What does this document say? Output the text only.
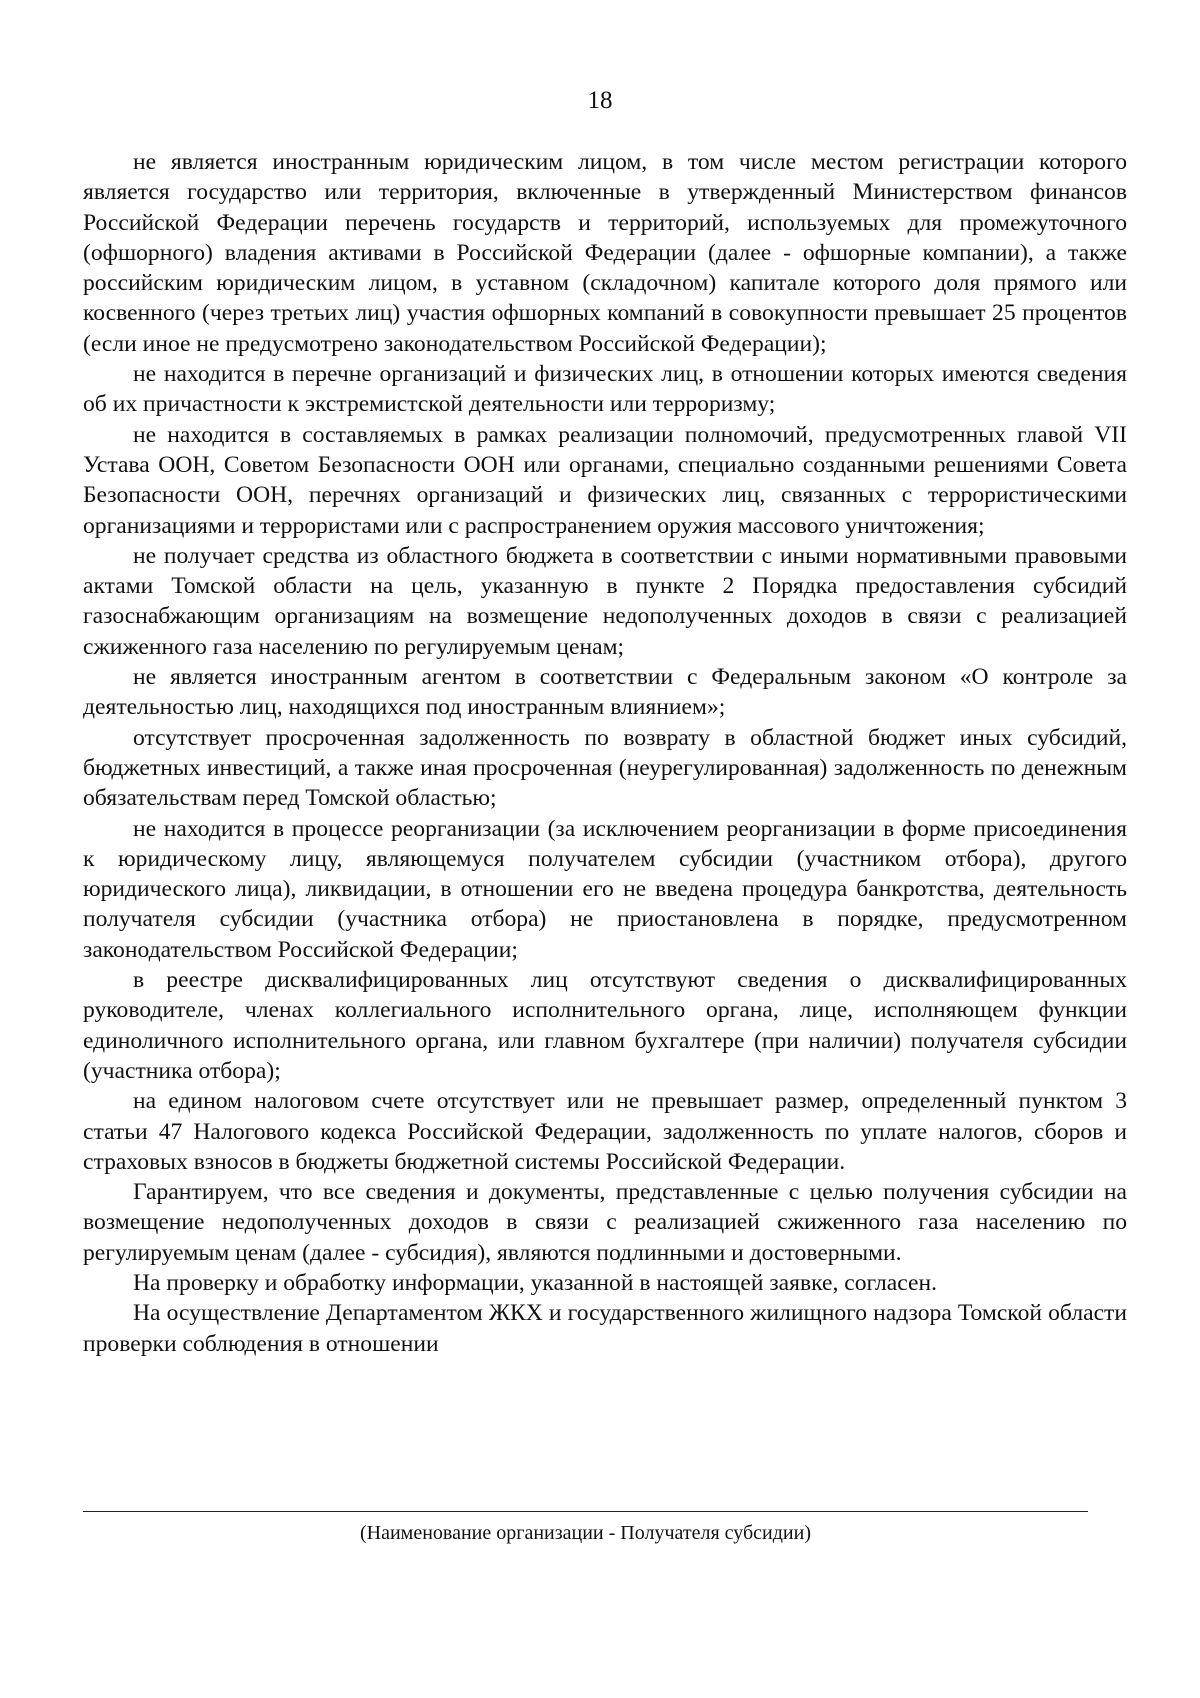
18

не является иностранным юридическим лицом, в том числе местом регистрации которого является государство или территория, включенные в утвержденный Министерством финансов Российской Федерации перечень государств и территорий, используемых для промежуточного (офшорного) владения активами в Российской Федерации (далее - офшорные компании), а также российским юридическим лицом, в уставном (складочном) капитале которого доля прямого или косвенного (через третьих лиц) участия офшорных компаний в совокупности превышает 25 процентов (если иное не предусмотрено законодательством Российской Федерации);

не находится в перечне организаций и физических лиц, в отношении которых имеются сведения об их причастности к экстремистской деятельности или терроризму;

не находится в составляемых в рамках реализации полномочий, предусмотренных главой VII Устава ООН, Советом Безопасности ООН или органами, специально созданными решениями Совета Безопасности ООН, перечнях организаций и физических лиц, связанных с террористическими организациями и террористами или с распространением оружия массового уничтожения;

не получает средства из областного бюджета в соответствии с иными нормативными правовыми актами Томской области на цель, указанную в пункте 2 Порядка предоставления субсидий газоснабжающим организациям на возмещение недополученных доходов в связи с реализацией сжиженного газа населению по регулируемым ценам;

не является иностранным агентом в соответствии с Федеральным законом «О контроле за деятельностью лиц, находящихся под иностранным влиянием»;

отсутствует просроченная задолженность по возврату в областной бюджет иных субсидий, бюджетных инвестиций, а также иная просроченная (неурегулированная) задолженность по денежным обязательствам перед Томской областью;

не находится в процессе реорганизации (за исключением реорганизации в форме присоединения к юридическому лицу, являющемуся получателем субсидии (участником отбора), другого юридического лица), ликвидации, в отношении его не введена процедура банкротства, деятельность получателя субсидии (участника отбора) не приостановлена в порядке, предусмотренном законодательством Российской Федерации;

в реестре дисквалифицированных лиц отсутствуют сведения о дисквалифицированных руководителе, членах коллегиального исполнительного органа, лице, исполняющем функции единоличного исполнительного органа, или главном бухгалтере (при наличии) получателя субсидии (участника отбора);

на едином налоговом счете отсутствует или не превышает размер, определенный пунктом 3 статьи 47 Налогового кодекса Российской Федерации, задолженность по уплате налогов, сборов и страховых взносов в бюджеты бюджетной системы Российской Федерации.

Гарантируем, что все сведения и документы, представленные с целью получения субсидии на возмещение недополученных доходов в связи с реализацией сжиженного газа населению по регулируемым ценам (далее - субсидия), являются подлинными и достоверными.

На проверку и обработку информации, указанной в настоящей заявке, согласен.

На осуществление Департаментом ЖКХ и государственного жилищного надзора Томской области проверки соблюдения в отношении

(Наименование организации - Получателя субсидии)
